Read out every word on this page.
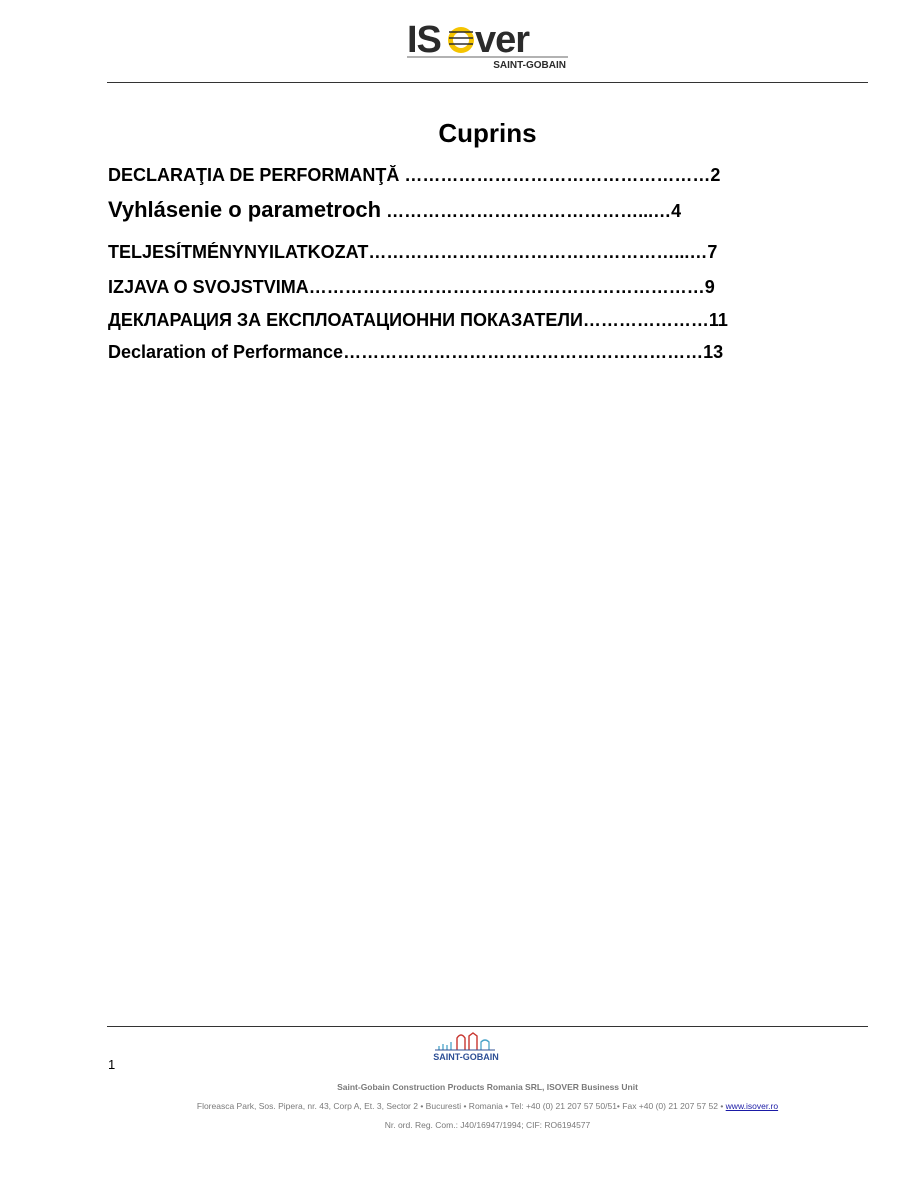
IS ver
SAINT-GOBAIN
Cuprins
DECLARAŢIA DE PERFORMANŢĂ ……………………………………………2
Vyhlásenie o parametroch ……………………………………...…4
TELJESÍTMÉNYNYILATKOZAT……………………………………………...…7
IZJAVA O SVOJSTVIMA…………………………………………………………9
ДЕКЛАРАЦИЯ ЗА ЕКСПЛОАТАЦИОННИ ПОКАЗАТЕЛИ…………………11
Declaration of Performance……………………………………………………13
SAINT-GOBAIN
1
Saint-Gobain Construction Products Romania SRL, ISOVER Business Unit
Floreasca Park, Sos. Pipera, nr. 43, Corp A, Et. 3, Sector 2 • Bucuresti • Romania • Tel: +40 (0) 21 207 57 50/51• Fax +40 (0) 21 207 57 52 • www.isover.ro
Nr. ord. Reg. Com.: J40/16947/1994; CIF: RO6194577
